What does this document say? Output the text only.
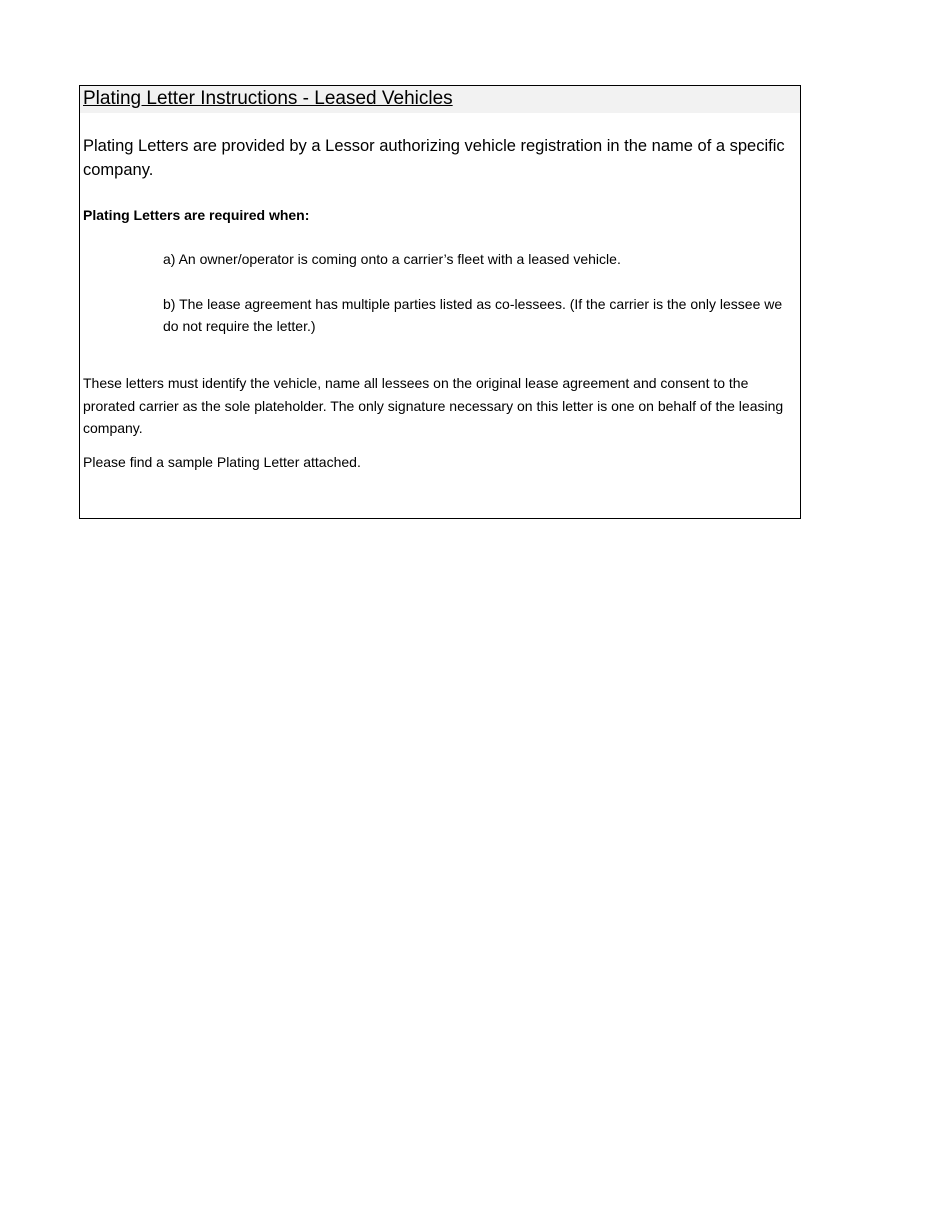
Plating Letter Instructions - Leased Vehicles
Plating Letters are provided by a Lessor authorizing vehicle registration in the name of a specific company.
Plating Letters are required when:
a) An owner/operator is coming onto a carrier’s fleet with a leased vehicle.
b) The lease agreement has multiple parties listed as co-lessees. (If the carrier is the only lessee we do not require the letter.)
These letters must identify the vehicle, name all lessees on the original lease agreement and consent to the prorated carrier as the sole plateholder. The only signature necessary on this letter is one on behalf of the leasing company.
Please find a sample Plating Letter attached.
